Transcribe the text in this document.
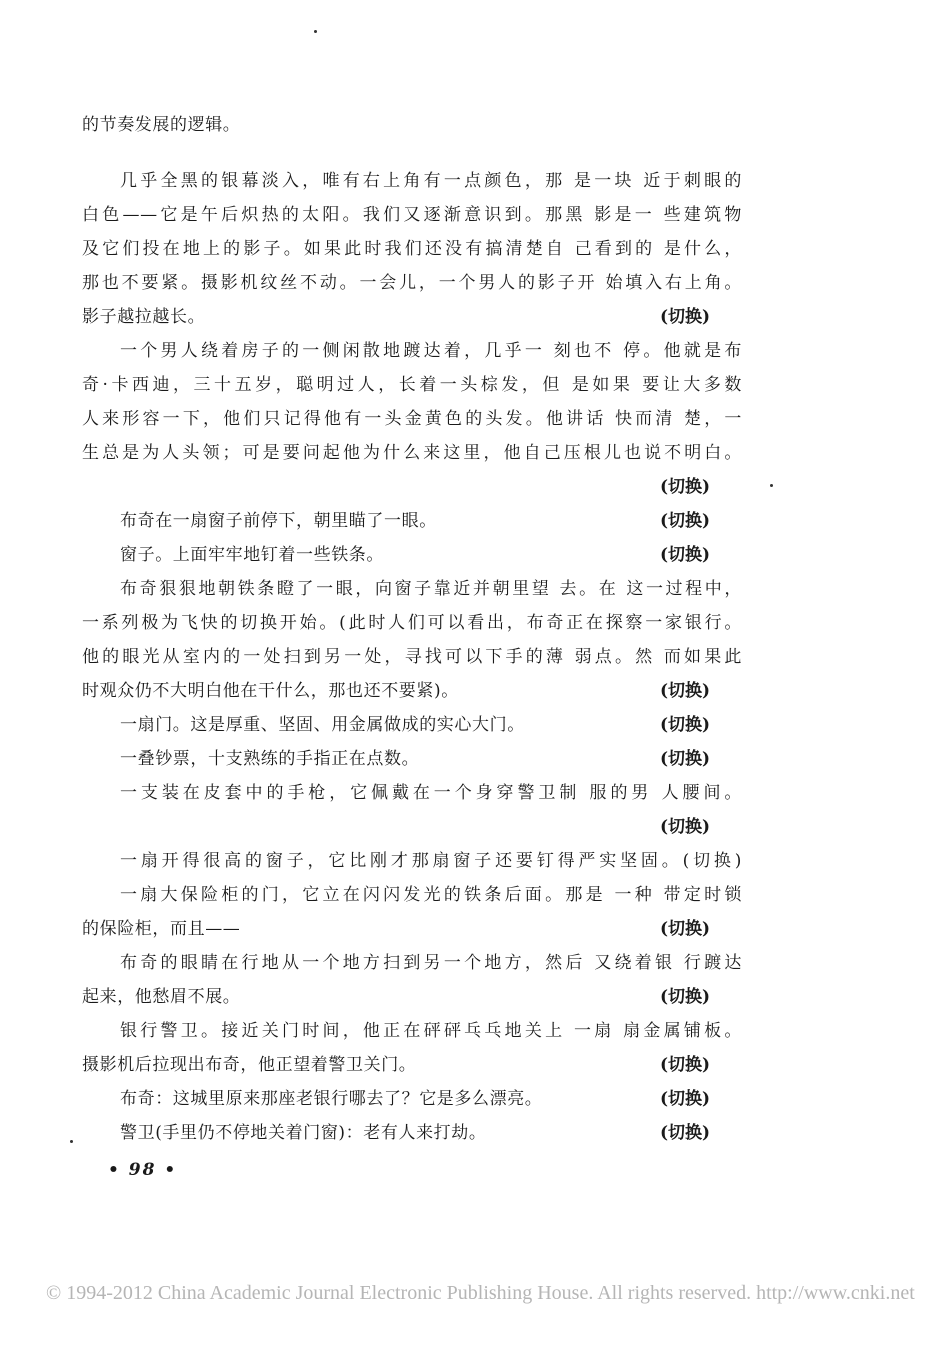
的节奏发展的逻辑。
几乎全黑的银幕淡入，唯有右上角有一点颜色，那 是一块 近于刺眼的
白色——它是午后炽热的太阳。我们又逐渐意识到。那黑 影是一 些建筑物
及它们投在地上的影子。如果此时我们还没有搞清楚自 己看到的 是什么，
那也不要紧。摄影机纹丝不动。一会儿，一个男人的影子开 始填入右上角。
影子越拉越长。	(切换)
一个男人绕着房子的一侧闲散地踱达着，几乎一 刻也不 停。他就是布
奇·卡西迪，三十五岁，聪明过人，长着一头棕发，但 是如果 要让大多数
人来形容一下，他们只记得他有一头金黄色的头发。他讲话 快而清 楚，一
生总是为人头领；可是要问起他为什么来这里，他自己压根儿也说不明白。
(切换)
布奇在一扇窗子前停下，朝里瞄了一眼。	(切换)
窗子。上面牢牢地钉着一些铁条。	(切换)
布奇狠狠地朝铁条瞪了一眼，向窗子靠近并朝里望 去。在 这一过程中，
一系列极为飞快的切换开始。(此时人们可以看出，布奇正在探察一家银行。
他的眼光从室内的一处扫到另一处，寻找可以下手的薄 弱点。然 而如果此
时观众仍不大明白他在干什么，那也还不要紧)。	(切换)
一扇门。这是厚重、坚固、用金属做成的实心大门。	(切换)
一叠钞票，十支熟练的手指正在点数。	(切换)
一支装在皮套中的手枪，它佩戴在一个身穿警卫制 服的男 人腰间。
(切换)
一扇开得很高的窗子，它比刚才那扇窗子还要钉得严实坚固。(切换)
一扇大保险柜的门，它立在闪闪发光的铁条后面。那是 一种 带定时锁
的保险柜，而且——	(切换)
布奇的眼睛在行地从一个地方扫到另一个地方，然后 又绕着银 行踱达
起来，他愁眉不展。	(切换)
银行警卫。接近关门时间，他正在砰砰乓乓地关上 一扇 扇金属铺板。
摄影机后拉现出布奇，他正望着警卫关门。	(切换)
布奇：这城里原来那座老银行哪去了？它是多么漂亮。	(切换)
警卫(手里仍不停地关着门窗)：老有人来打劫。	(切换)
• 98 •
© 1994-2012 China Academic Journal Electronic Publishing House. All rights reserved. http://www.cnki.net
